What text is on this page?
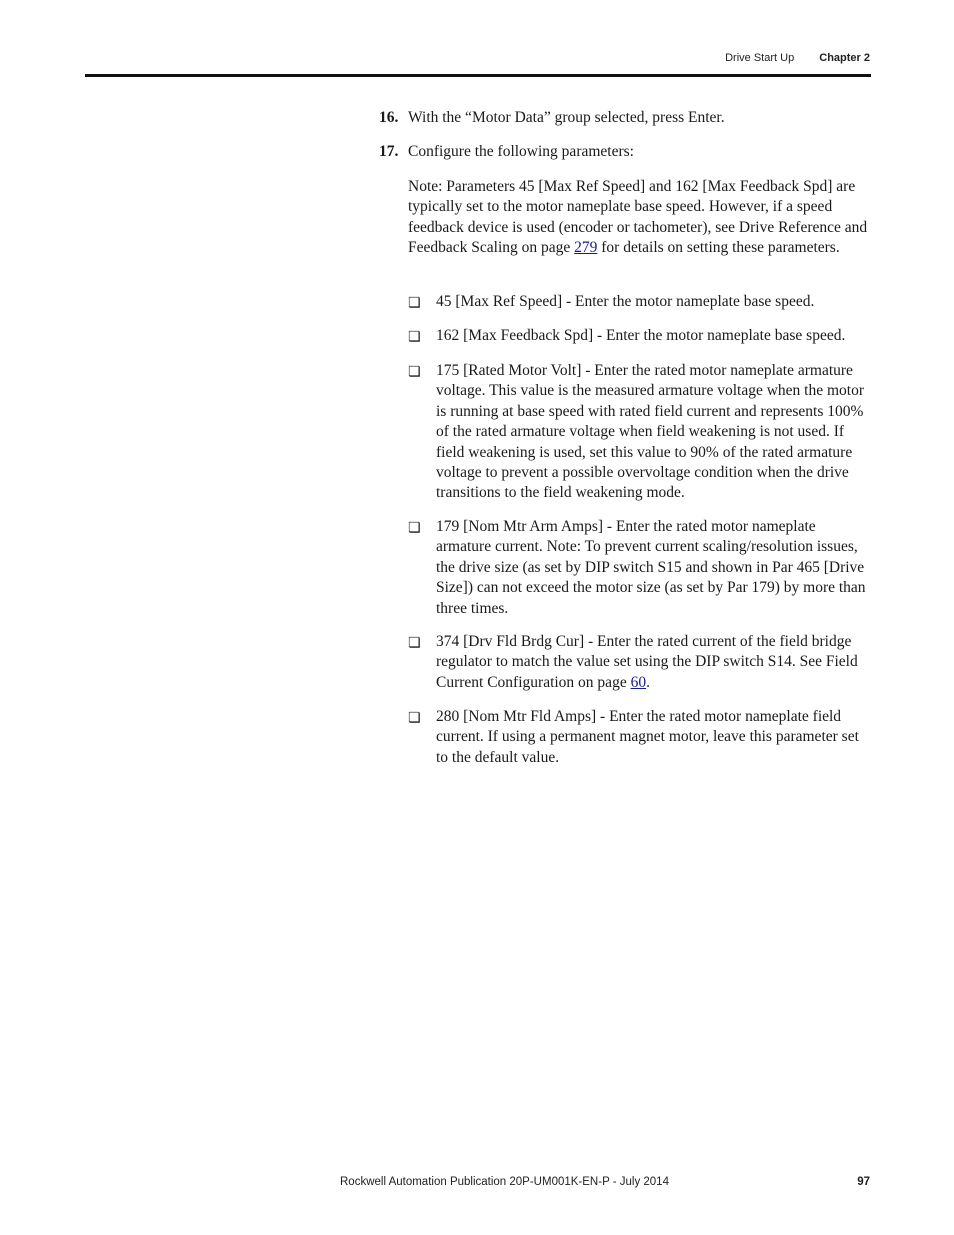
Drive Start Up Chapter 2
16. With the “Motor Data” group selected, press Enter.
17. Configure the following parameters:
Note: Parameters 45 [Max Ref Speed] and 162 [Max Feedback Spd] are typically set to the motor nameplate base speed. However, if a speed feedback device is used (encoder or tachometer), see Drive Reference and Feedback Scaling on page 279 for details on setting these parameters.
❏ 45 [Max Ref Speed] - Enter the motor nameplate base speed.
❏ 162 [Max Feedback Spd] - Enter the motor nameplate base speed.
❏ 175 [Rated Motor Volt] - Enter the rated motor nameplate armature voltage. This value is the measured armature voltage when the motor is running at base speed with rated field current and represents 100% of the rated armature voltage when field weakening is not used. If field weakening is used, set this value to 90% of the rated armature voltage to prevent a possible overvoltage condition when the drive transitions to the field weakening mode.
❏ 179 [Nom Mtr Arm Amps] - Enter the rated motor nameplate armature current. Note: To prevent current scaling/resolution issues, the drive size (as set by DIP switch S15 and shown in Par 465 [Drive Size]) can not exceed the motor size (as set by Par 179) by more than three times.
❏ 374 [Drv Fld Brdg Cur] - Enter the rated current of the field bridge regulator to match the value set using the DIP switch S14. See Field Current Configuration on page 60.
❏ 280 [Nom Mtr Fld Amps] - Enter the rated motor nameplate field current. If using a permanent magnet motor, leave this parameter set to the default value.
Rockwell Automation Publication 20P-UM001K-EN-P - July 2014	97
